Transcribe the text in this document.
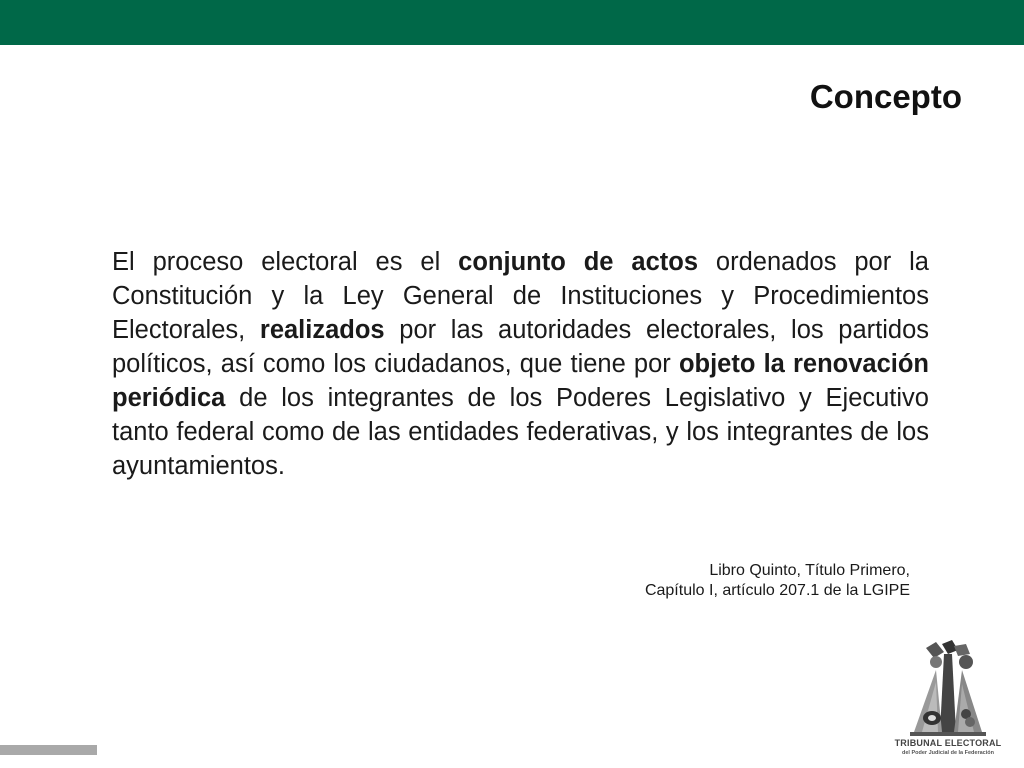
Concepto

El proceso electoral es el conjunto de actos ordenados por la Constitución y la Ley General de Instituciones y Procedimientos Electorales, realizados por las autoridades electorales, los partidos políticos, así como los ciudadanos, que tiene por objeto la renovación periódica de los integrantes de los Poderes Legislativo y Ejecutivo tanto federal como de las entidades federativas, y los integrantes de los ayuntamientos.

Libro Quinto, Título Primero,
Capítulo I, artículo 207.1 de la LGIPE
TRIBUNAL ELECTORAL
del Poder Judicial de la Federación
